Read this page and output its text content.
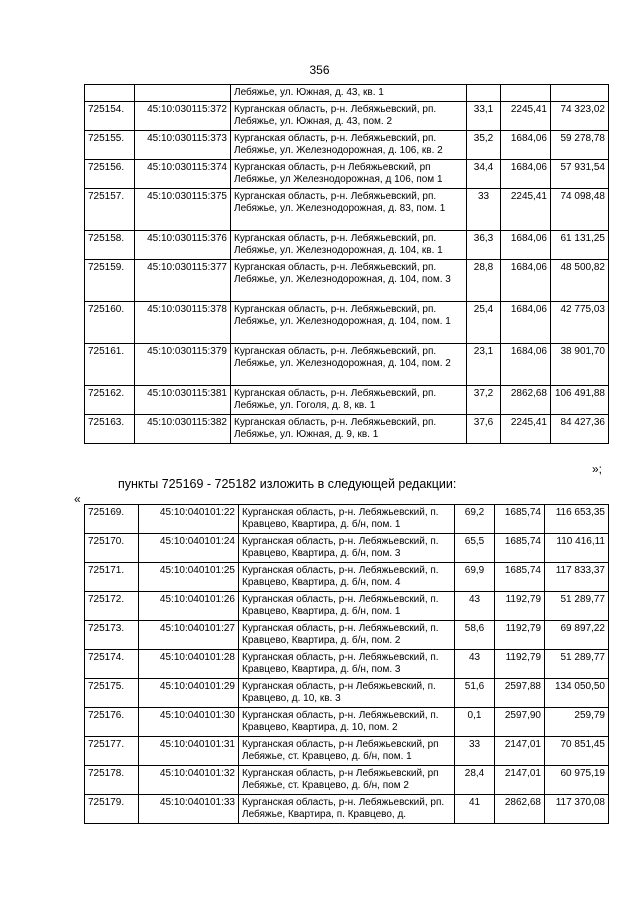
356
		Лебяжье, ул. Южная, д. 43, кв. 1			
725154.	45:10:030115:372	Курганская область, р-н. Лебяжьевский, рп. Лебяжье, ул. Южная, д. 43, пом. 2	33,1	2245,41	74 323,02
725155.	45:10:030115:373	Курганская область, р-н. Лебяжьевский, рп. Лебяжье, ул. Железнодорожная, д. 106, кв. 2	35,2	1684,06	59 278,78
725156.	45:10:030115:374	Курганская область, р-н Лебяжьевский, рп Лебяжье, ул Железнодорожная, д 106, пом 1	34,4	1684,06	57 931,54
725157.	45:10:030115:375	Курганская область, р-н. Лебяжьевский, рп. Лебяжье, ул. Железнодорожная, д. 83, пом. 1	33	2245,41	74 098,48
725158.	45:10:030115:376	Курганская область, р-н. Лебяжьевский, рп. Лебяжье, ул. Железнодорожная, д. 104, кв. 1	36,3	1684,06	61 131,25
725159.	45:10:030115:377	Курганская область, р-н. Лебяжьевский, рп. Лебяжье, ул. Железнодорожная, д. 104, пом. 3	28,8	1684,06	48 500,82
725160.	45:10:030115:378	Курганская область, р-н. Лебяжьевский, рп. Лебяжье, ул. Железнодорожная, д. 104, пом. 1	25,4	1684,06	42 775,03
725161.	45:10:030115:379	Курганская область, р-н. Лебяжьевский, рп. Лебяжье, ул. Железнодорожная, д. 104, пом. 2	23,1	1684,06	38 901,70
725162.	45:10:030115:381	Курганская область, р-н. Лебяжьевский, рп. Лебяжье, ул. Гоголя, д. 8, кв. 1	37,2	2862,68	106 491,88
725163.	45:10:030115:382	Курганская область, р-н. Лебяжьевский, рп. Лебяжье, ул. Южная, д. 9, кв. 1	37,6	2245,41	84 427,36
»;
пункты 725169 - 725182 изложить в следующей редакции:
«
725169.	45:10:040101:22	Курганская область, р-н. Лебяжьевский, п. Кравцево, Квартира, д. б/н, пом. 1	69,2	1685,74	116 653,35
725170.	45:10:040101:24	Курганская область, р-н. Лебяжьевский, п. Кравцево, Квартира, д. б/н, пом. 3	65,5	1685,74	110 416,11
725171.	45:10:040101:25	Курганская область, р-н. Лебяжьевский, п. Кравцево, Квартира, д. б/н, пом. 4	69,9	1685,74	117 833,37
725172.	45:10:040101:26	Курганская область, р-н. Лебяжьевский, п. Кравцево, Квартира, д. б/н, пом. 1	43	1192,79	51 289,77
725173.	45:10:040101:27	Курганская область, р-н. Лебяжьевский, п. Кравцево, Квартира, д. б/н, пом. 2	58,6	1192,79	69 897,22
725174.	45:10:040101:28	Курганская область, р-н. Лебяжьевский, п. Кравцево, Квартира, д. б/н, пом. 3	43	1192,79	51 289,77
725175.	45:10:040101:29	Курганская область, р-н Лебяжьевский, п. Кравцево, д. 10, кв. 3	51,6	2597,88	134 050,50
725176.	45:10:040101:30	Курганская область, р-н. Лебяжьевский, п. Кравцево, Квартира, д. 10, пом. 2	0,1	2597,90	259,79
725177.	45:10:040101:31	Курганская область, р-н Лебяжьевский, рп Лебяжье, ст. Кравцево, д. б/н, пом. 1	33	2147,01	70 851,45
725178.	45:10:040101:32	Курганская область, р-н Лебяжьевский, рп Лебяжье, ст. Кравцево, д. б/н, пом 2	28,4	2147,01	60 975,19
725179.	45:10:040101:33	Курганская область, р-н. Лебяжьевский, рп. Лебяжье, Квартира, п. Кравцево, д.	41	2862,68	117 370,08
